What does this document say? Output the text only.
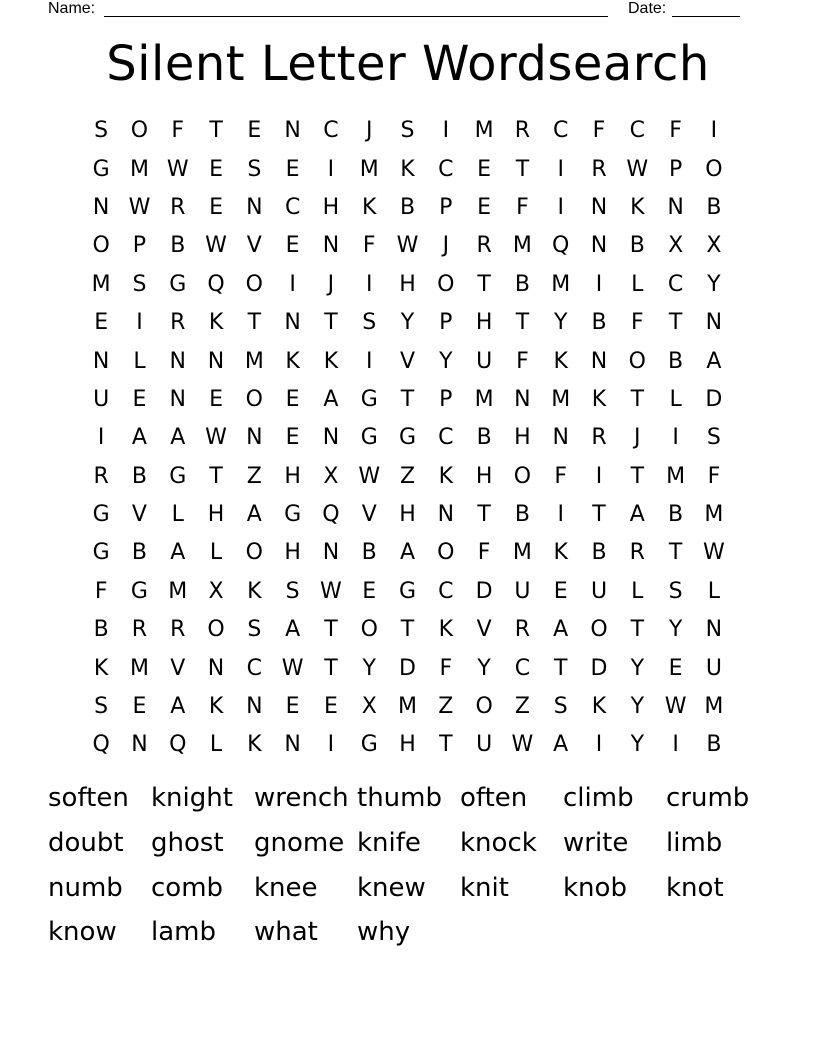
Name:	Date:
Silent Letter Wordsearch
S	O	F	T	E	N	C	J	S	I	M R	C	F	C	F	I
G M W E	S	E	I	M K	C	E	T	I	R W P	O
N W R	E	N	C	H	K	B	P	E	F	I	N	K	N	B
O	P	B W V	E	N	F W	J	R M Q N	B	X	X
M S	G Q O	I	J	I	H O	T	B M	I	L	C	Y
E	I	R	K	T	N	T	S	Y	P	H	T	Y	B	F	T	N
N	L	N N M K	K	I	V	Y	U	F	K	N O	B	A
U	E	N	E	O	E	A	G	T	P	M N M K	T	L	D
I	A	A W N	E	N G G	C	B	H N	R	J	I	S
R	B	G	T	Z	H	X W Z	K	H O	F	I	T	M	F
G	V	L	H	A	G Q	V	H N	T	B	I	T	A	B M
G	B	A	L	O H N	B	A	O	F	M K	B	R	T W
F	G M X	K	S W E	G	C	D U	E	U	L	S	L
B	R	R O	S	A	T	O	T	K	V	R	A	O	T	Y	N
K M V	N	C W T	Y	D	F	Y	C	T	D	Y	E	U
S	E	A	K	N	E	E	X M Z	O	Z	S	K	Y W M
Q N Q	L	K	N	I	G H	T	U W A	I	Y	I	B
soften knight wrench thumb often	climb	crumb
doubt	ghost	gnome knife	knock	write	limb
numb	comb	knee	knew	knit	knob	knot
know	lamb	what	why
